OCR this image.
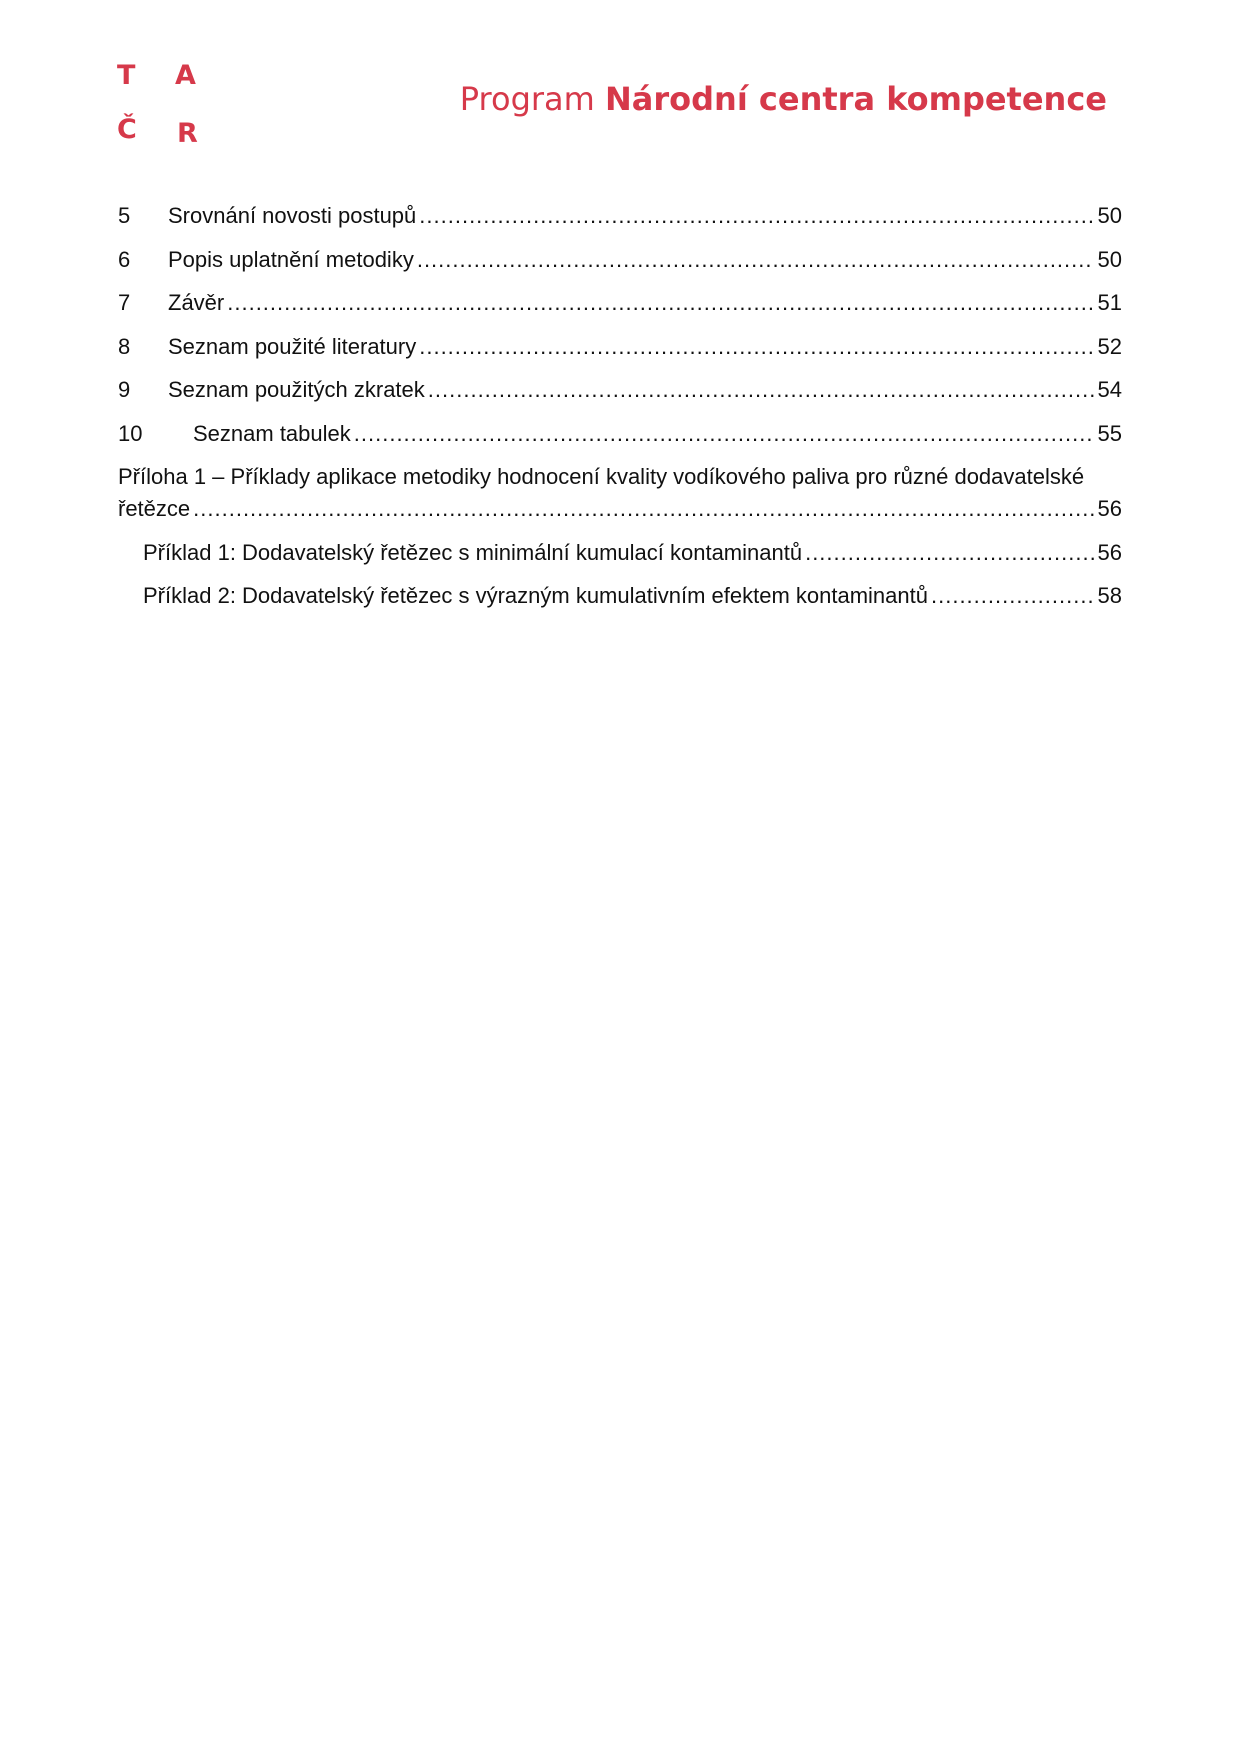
T A
Č R
Program Národní centra kompetence
5	Srovnání novosti postupů .....	50
6	Popis uplatnění metodiky .....	50
7	Závěr .....	51
8	Seznam použité literatury .....	52
9	Seznam použitých zkratek .....	54
10	Seznam tabulek .....	55
Příloha 1 – Příklady aplikace metodiky hodnocení kvality vodíkového paliva pro různé dodavatelské
řetězce .....	56
Příklad 1: Dodavatelský řetězec s minimální kumulací kontaminantů .....	56
Příklad 2: Dodavatelský řetězec s výrazným kumulativním efektem kontaminantů .....	58
